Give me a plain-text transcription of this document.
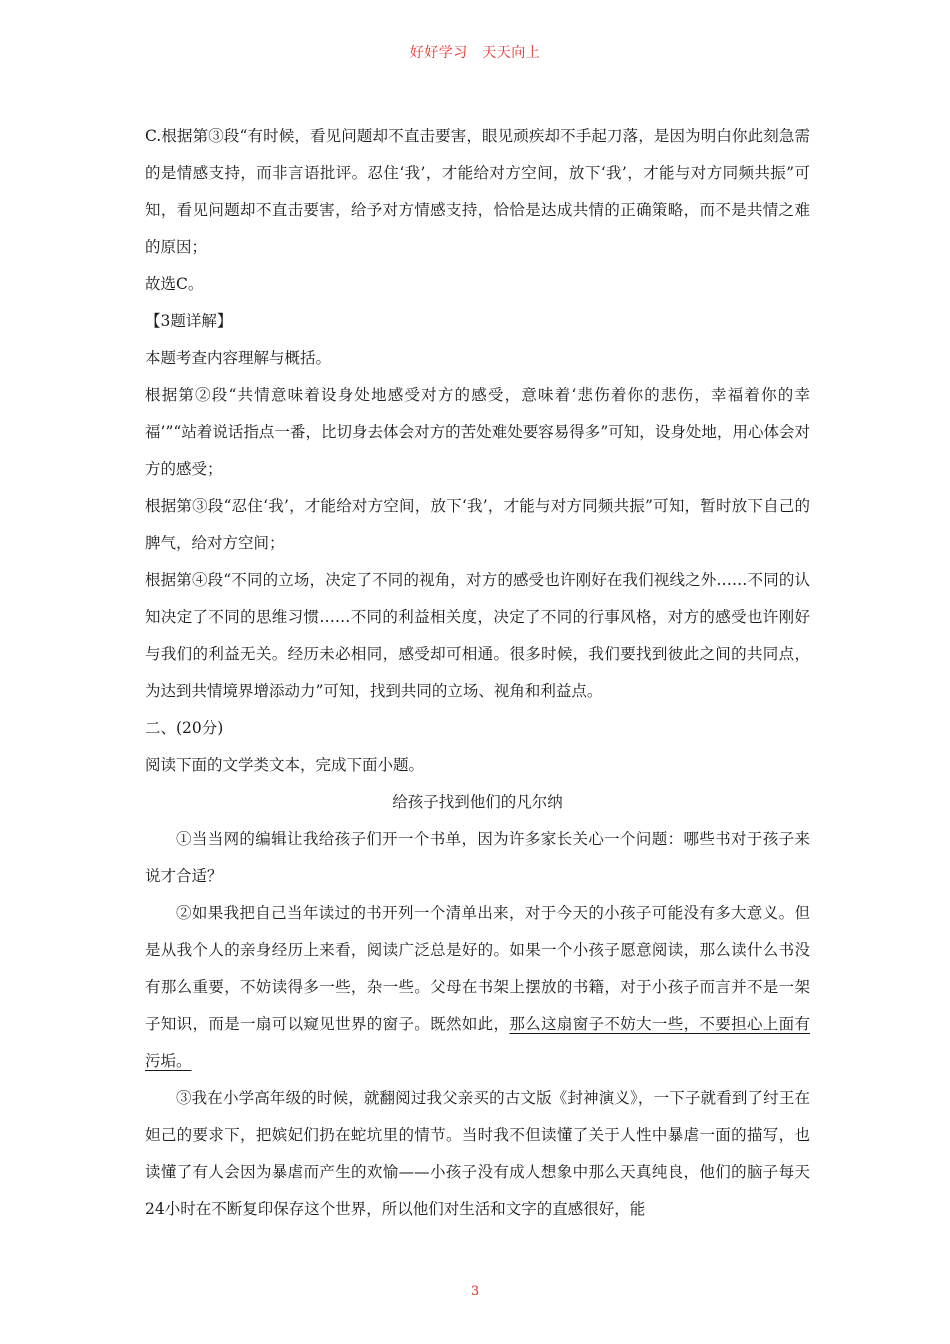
好好学习　天天向上

C.根据第③段“有时候，看见问题却不直击要害，眼见顽疾却不手起刀落，是因为明白你此刻急需的是情感支持，而非言语批评。忍住‘我’，才能给对方空间，放下‘我’，才能与对方同频共振”可知，看见问题却不直击要害，给予对方情感支持，恰恰是达成共情的正确策略，而不是共情之难的原因；

故选C。

【3题详解】

本题考查内容理解与概括。

根据第②段“共情意味着设身处地感受对方的感受，意味着‘悲伤着你的悲伤，幸福着你的幸福’”“站着说话指点一番，比切身去体会对方的苦处难处要容易得多”可知，设身处地，用心体会对方的感受；

根据第③段“忍住‘我’，才能给对方空间，放下‘我’，才能与对方同频共振”可知，暂时放下自己的脾气，给对方空间；

根据第④段“不同的立场，决定了不同的视角，对方的感受也许刚好在我们视线之外……不同的认知决定了不同的思维习惯……不同的利益相关度，决定了不同的行事风格，对方的感受也许刚好与我们的利益无关。经历未必相同，感受却可相通。很多时候，我们要找到彼此之间的共同点，为达到共情境界增添动力”可知，找到共同的立场、视角和利益点。

二、(20分)

阅读下面的文学类文本，完成下面小题。

给孩子找到他们的凡尔纳

①当当网的编辑让我给孩子们开一个书单，因为许多家长关心一个问题：哪些书对于孩子来说才合适？

②如果我把自己当年读过的书开列一个清单出来，对于今天的小孩子可能没有多大意义。但是从我个人的亲身经历上来看，阅读广泛总是好的。如果一个小孩子愿意阅读，那么读什么书没有那么重要，不妨读得多一些，杂一些。父母在书架上摆放的书籍，对于小孩子而言并不是一架子知识，而是一扇可以窥见世界的窗子。既然如此，那么这扇窗子不妨大一些，不要担心上面有污垢。

③我在小学高年级的时候，就翻阅过我父亲买的古文版《封神演义》，一下子就看到了纣王在妲己的要求下，把嫔妃们扔在蛇坑里的情节。当时我不但读懂了关于人性中暴虐一面的描写，也读懂了有人会因为暴虐而产生的欢愉——小孩子没有成人想象中那么天真纯良，他们的脑子每天24小时在不断复印保存这个世界，所以他们对生活和文字的直感很好，能

3
